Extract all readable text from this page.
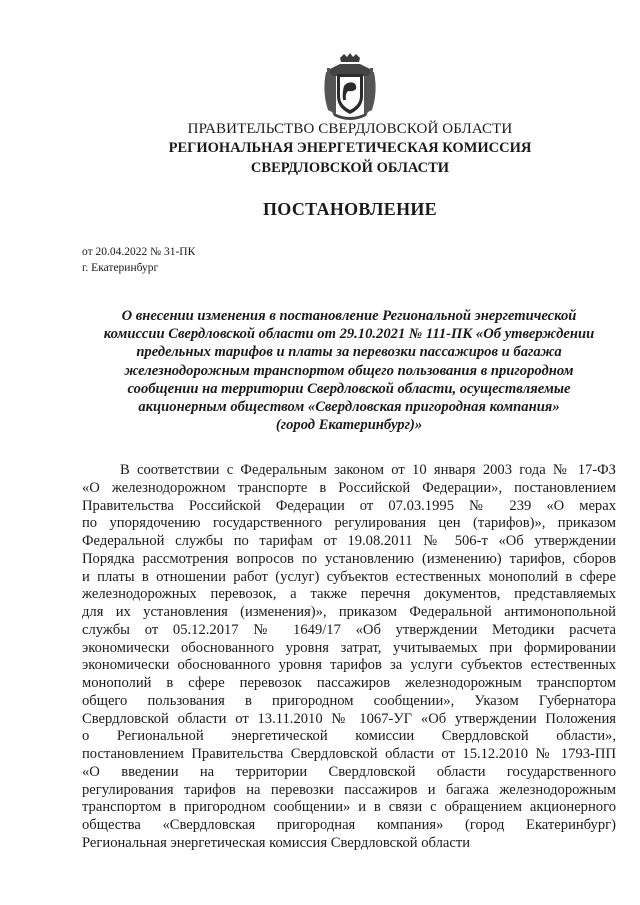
ПРАВИТЕЛЬСТВО СВЕРДЛОВСКОЙ ОБЛАСТИ
РЕГИОНАЛЬНАЯ ЭНЕРГЕТИЧЕСКАЯ КОМИССИЯ
СВЕРДЛОВСКОЙ ОБЛАСТИ
ПОСТАНОВЛЕНИЕ
от 20.04.2022 № 31-ПК
г. Екатеринбург
О внесении изменения в постановление Региональной энергетической
комиссии Свердловской области от 29.10.2021 № 111-ПК «Об утверждении
предельных тарифов и платы за перевозки пассажиров и багажа
железнодорожным транспортом общего пользования в пригородном
сообщении на территории Свердловской области, осуществляемые
акционерным обществом «Свердловская пригородная компания»
(город Екатеринбург)»
В соответствии с Федеральным законом от 10 января 2003 года № 17-ФЗ
«О железнодорожном транспорте в Российской Федерации», постановлением
Правительства Российской Федерации от 07.03.1995 № 239 «О мерах
по упорядочению государственного регулирования цен (тарифов)», приказом
Федеральной службы по тарифам от 19.08.2011 № 506-т «Об утверждении
Порядка рассмотрения вопросов по установлению (изменению) тарифов, сборов
и платы в отношении работ (услуг) субъектов естественных монополий в сфере
железнодорожных перевозок, а также перечня документов, представляемых
для их установления (изменения)», приказом Федеральной антимонопольной
службы от 05.12.2017 № 1649/17 «Об утверждении Методики расчета
экономически обоснованного уровня затрат, учитываемых при формировании
экономически обоснованного уровня тарифов за услуги субъектов естественных
монополий в сфере перевозок пассажиров железнодорожным транспортом
общего пользования в пригородном сообщении», Указом Губернатора
Свердловской области от 13.11.2010 № 1067-УГ «Об утверждении Положения
о Региональной энергетической комиссии Свердловской области»,
постановлением Правительства Свердловской области от 15.12.2010 № 1793-ПП
«О введении на территории Свердловской области государственного
регулирования тарифов на перевозки пассажиров и багажа железнодорожным
транспортом в пригородном сообщении» и в связи с обращением акционерного
общества «Свердловская пригородная компания» (город Екатеринбург)
Региональная энергетическая комиссия Свердловской области
